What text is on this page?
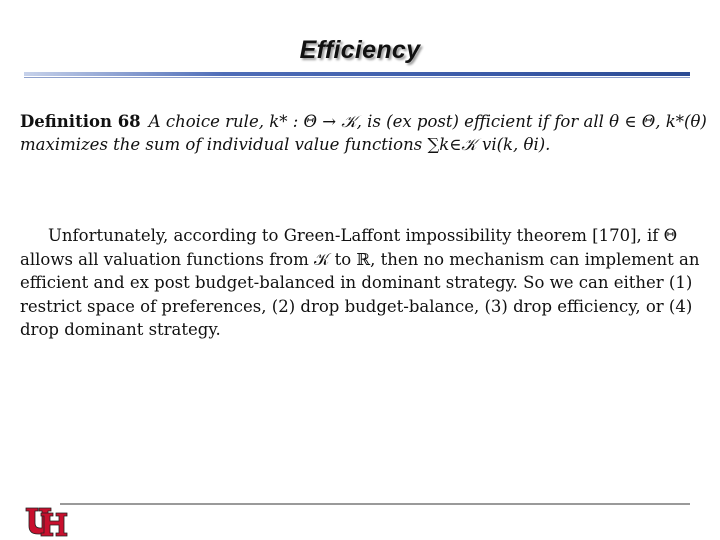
Efficiency

Definition 68 A choice rule, k* : Θ → 𝒦, is (ex post) efficient if for all θ ∈ Θ, k*(θ) maximizes the sum of individual value functions ∑k∈𝒦 vi(k, θi).

Unfortunately, according to Green-Laffont impossibility theorem [170], if Θ allows all valuation functions from 𝒦 to ℝ, then no mechanism can implement an efficient and ex post budget-balanced in dominant strategy. So we can either (1) restrict space of preferences, (2) drop budget-balance, (3) drop efficiency, or (4) drop dominant strategy.
